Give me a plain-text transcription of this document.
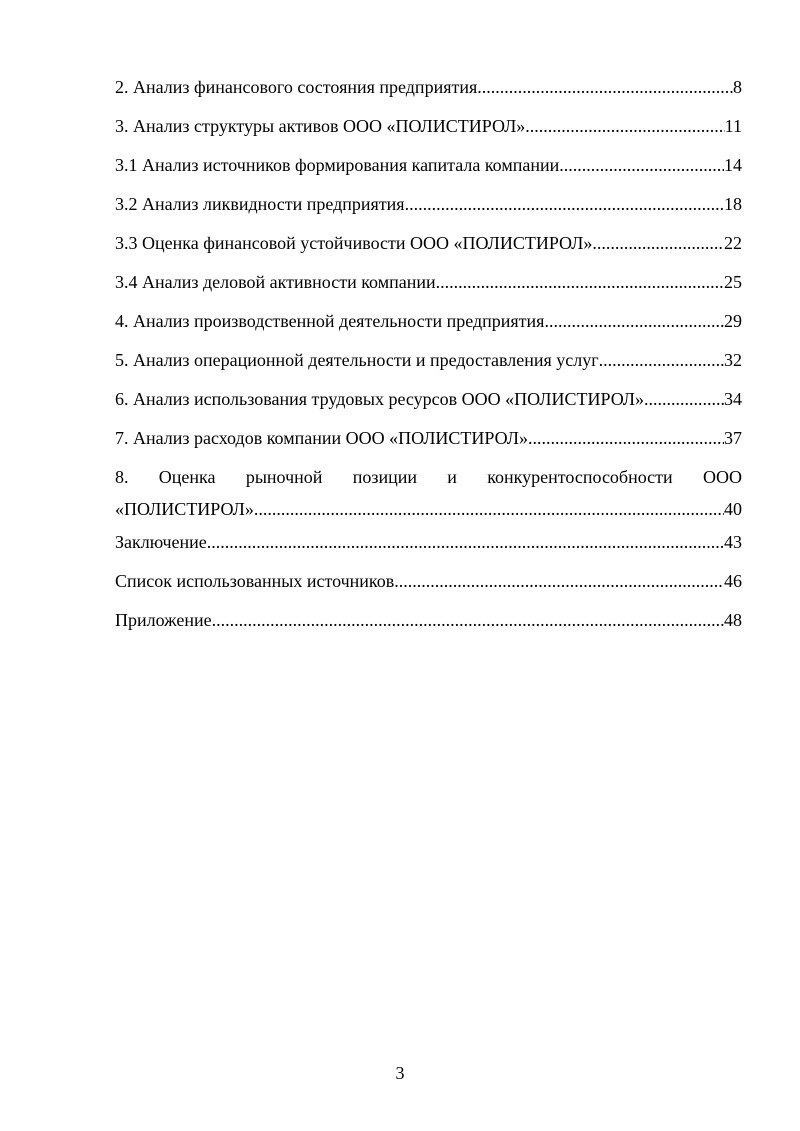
2. Анализ финансового состояния предприятия .....	8
3. Анализ структуры активов ООО «ПОЛИСТИРОЛ» .....	11
3.1 Анализ источников формирования капитала компании .....	14
3.2 Анализ ликвидности предприятия .....	18
3.3 Оценка финансовой устойчивости ООО «ПОЛИСТИРОЛ» .....	22
3.4 Анализ деловой активности компании .....	25
4. Анализ производственной деятельности предприятия .....	29
5. Анализ операционной деятельности и предоставления услуг .....	32
6. Анализ использования трудовых ресурсов ООО «ПОЛИСТИРОЛ» .....	34
7. Анализ расходов компании ООО «ПОЛИСТИРОЛ» .....	37
8. Оценка рыночной позиции и конкурентоспособности ООО
«ПОЛИСТИРОЛ» .....	40
Заключение .....	43
Список использованных источников .....	46
Приложение .....	48
3
